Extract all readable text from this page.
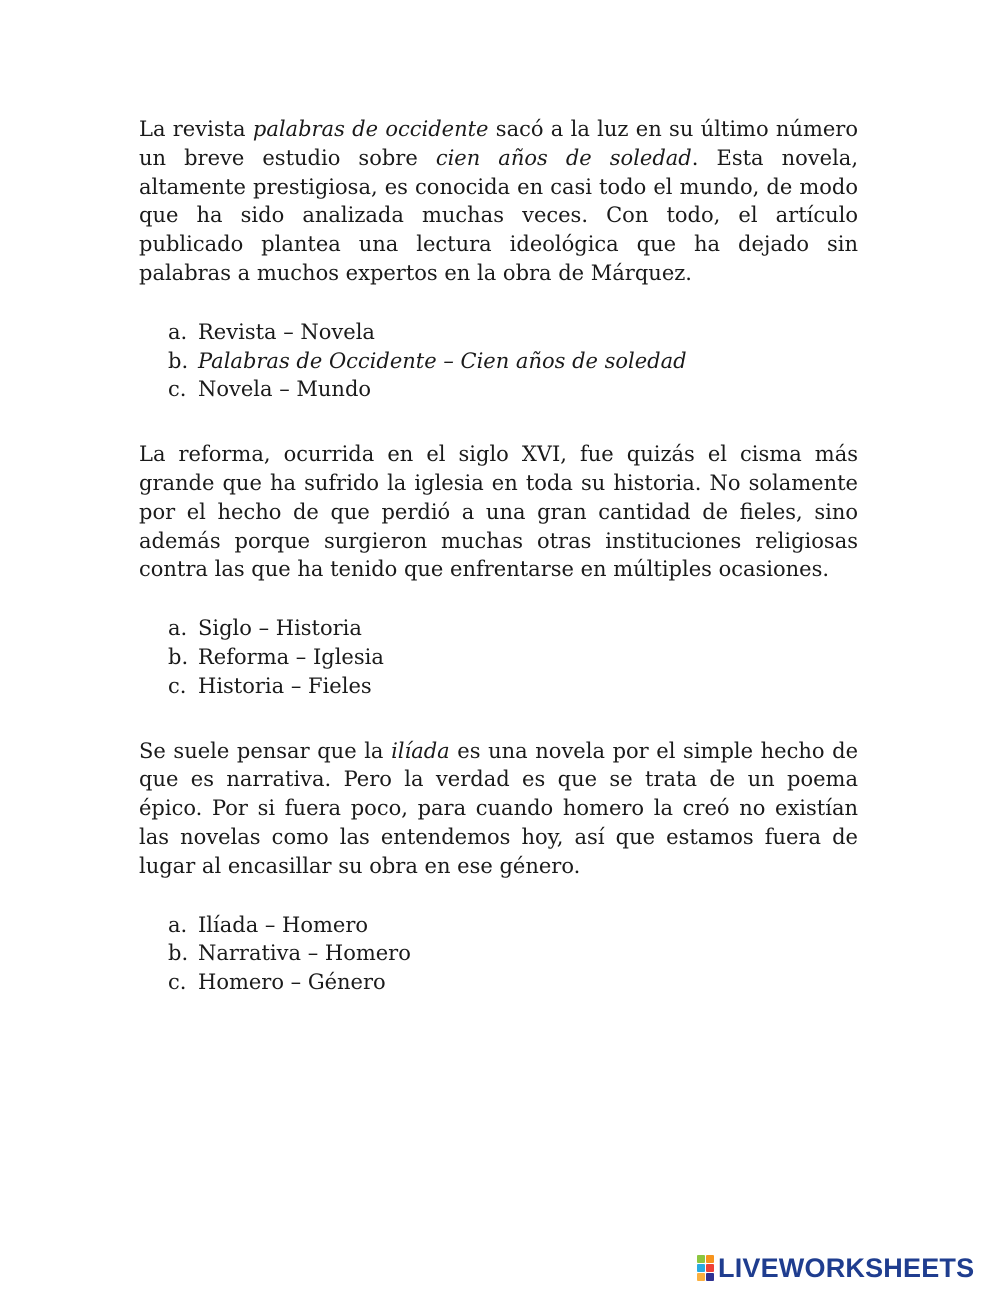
La revista palabras de occidente sacó a la luz en su último número un breve estudio sobre cien años de soledad. Esta novela, altamente prestigiosa, es conocida en casi todo el mundo, de modo que ha sido analizada muchas veces. Con todo, el artículo publicado plantea una lectura ideológica que ha dejado sin palabras a muchos expertos en la obra de Márquez.

a. Revista – Novela
b. Palabras de Occidente – Cien años de soledad
c. Novela – Mundo

La reforma, ocurrida en el siglo XVI, fue quizás el cisma más grande que ha sufrido la iglesia en toda su historia. No solamente por el hecho de que perdió a una gran cantidad de fieles, sino además porque surgieron muchas otras instituciones religiosas contra las que ha tenido que enfrentarse en múltiples ocasiones.

a. Siglo – Historia
b. Reforma – Iglesia
c. Historia – Fieles

Se suele pensar que la ilíada es una novela por el simple hecho de que es narrativa. Pero la verdad es que se trata de un poema épico. Por si fuera poco, para cuando homero la creó no existían las novelas como las entendemos hoy, así que estamos fuera de lugar al encasillar su obra en ese género.

a. Ilíada – Homero
b. Narrativa – Homero
c. Homero – Género
LIVEWORKSHEETS
